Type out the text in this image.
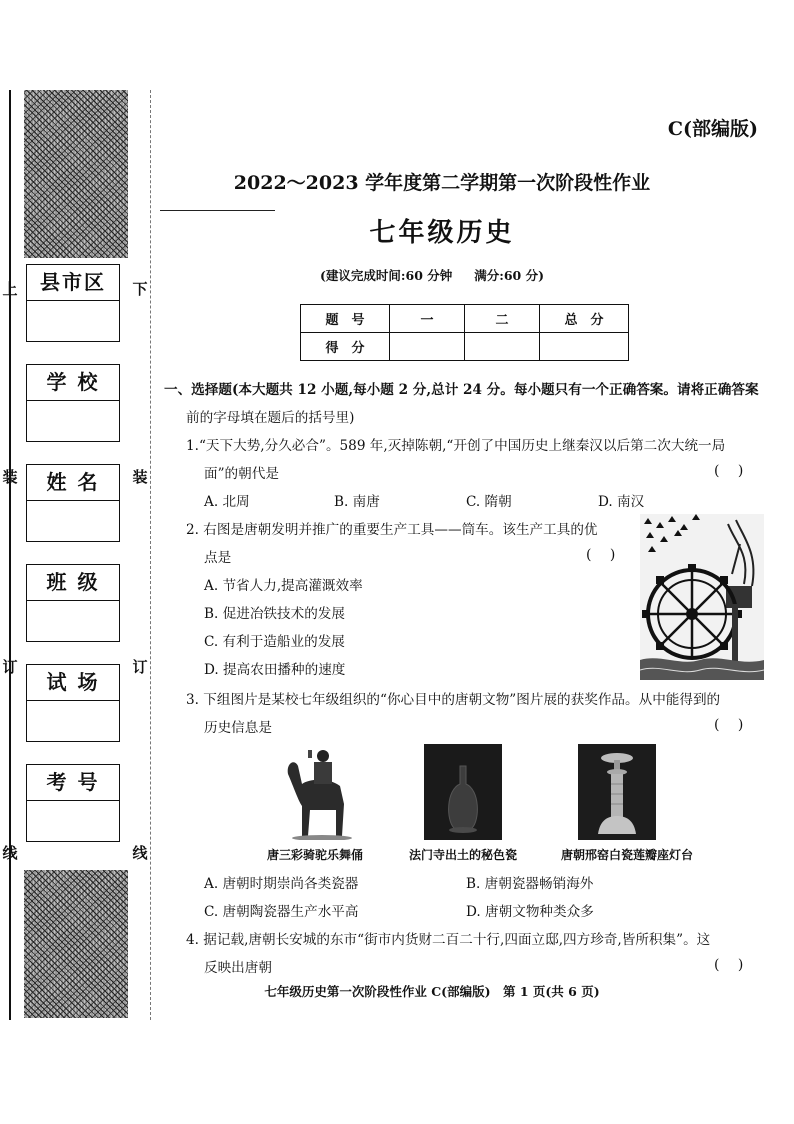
上
装
订
线
下
装
订
线
县市区
学 校
姓 名
班 级
试 场
考 号
C(部编版)
2022～2023 学年度第二学期第一次阶段性作业
七年级历史
(建议完成时间:60 分钟 满分:60 分)
题　号	一	二	总　分
得　分			
一、选择题(本大题共 12 小题,每小题 2 分,总计 24 分。每小题只有一个正确答案。请将正确答案
前的字母填在题后的括号里)
1.“天下大势,分久必合”。589 年,灭掉陈朝,“开创了中国历史上继秦汉以后第二次大统一局
面”的朝代是	(　 )
A. 北周	B. 南唐	C. 隋朝	D. 南汉
2. 右图是唐朝发明并推广的重要生产工具——筒车。该生产工具的优
点是	(　 )
A. 节省人力,提高灌溉效率
B. 促进冶铁技术的发展
C. 有利于造船业的发展
D. 提高农田播种的速度
3. 下组图片是某校七年级组织的“你心目中的唐朝文物”图片展的获奖作品。从中能得到的
历史信息是	(　 )
唐三彩骑驼乐舞俑	法门寺出土的秘色瓷	唐朝邢窑白瓷莲瓣座灯台
A. 唐朝时期崇尚各类瓷器	B. 唐朝瓷器畅销海外
C. 唐朝陶瓷器生产水平高	D. 唐朝文物种类众多
4. 据记载,唐朝长安城的东市“街市内货财二百二十行,四面立邸,四方珍奇,皆所积集”。这
反映出唐朝	(　 )
七年级历史第一次阶段性作业 C(部编版)　第 1 页(共 6 页)
